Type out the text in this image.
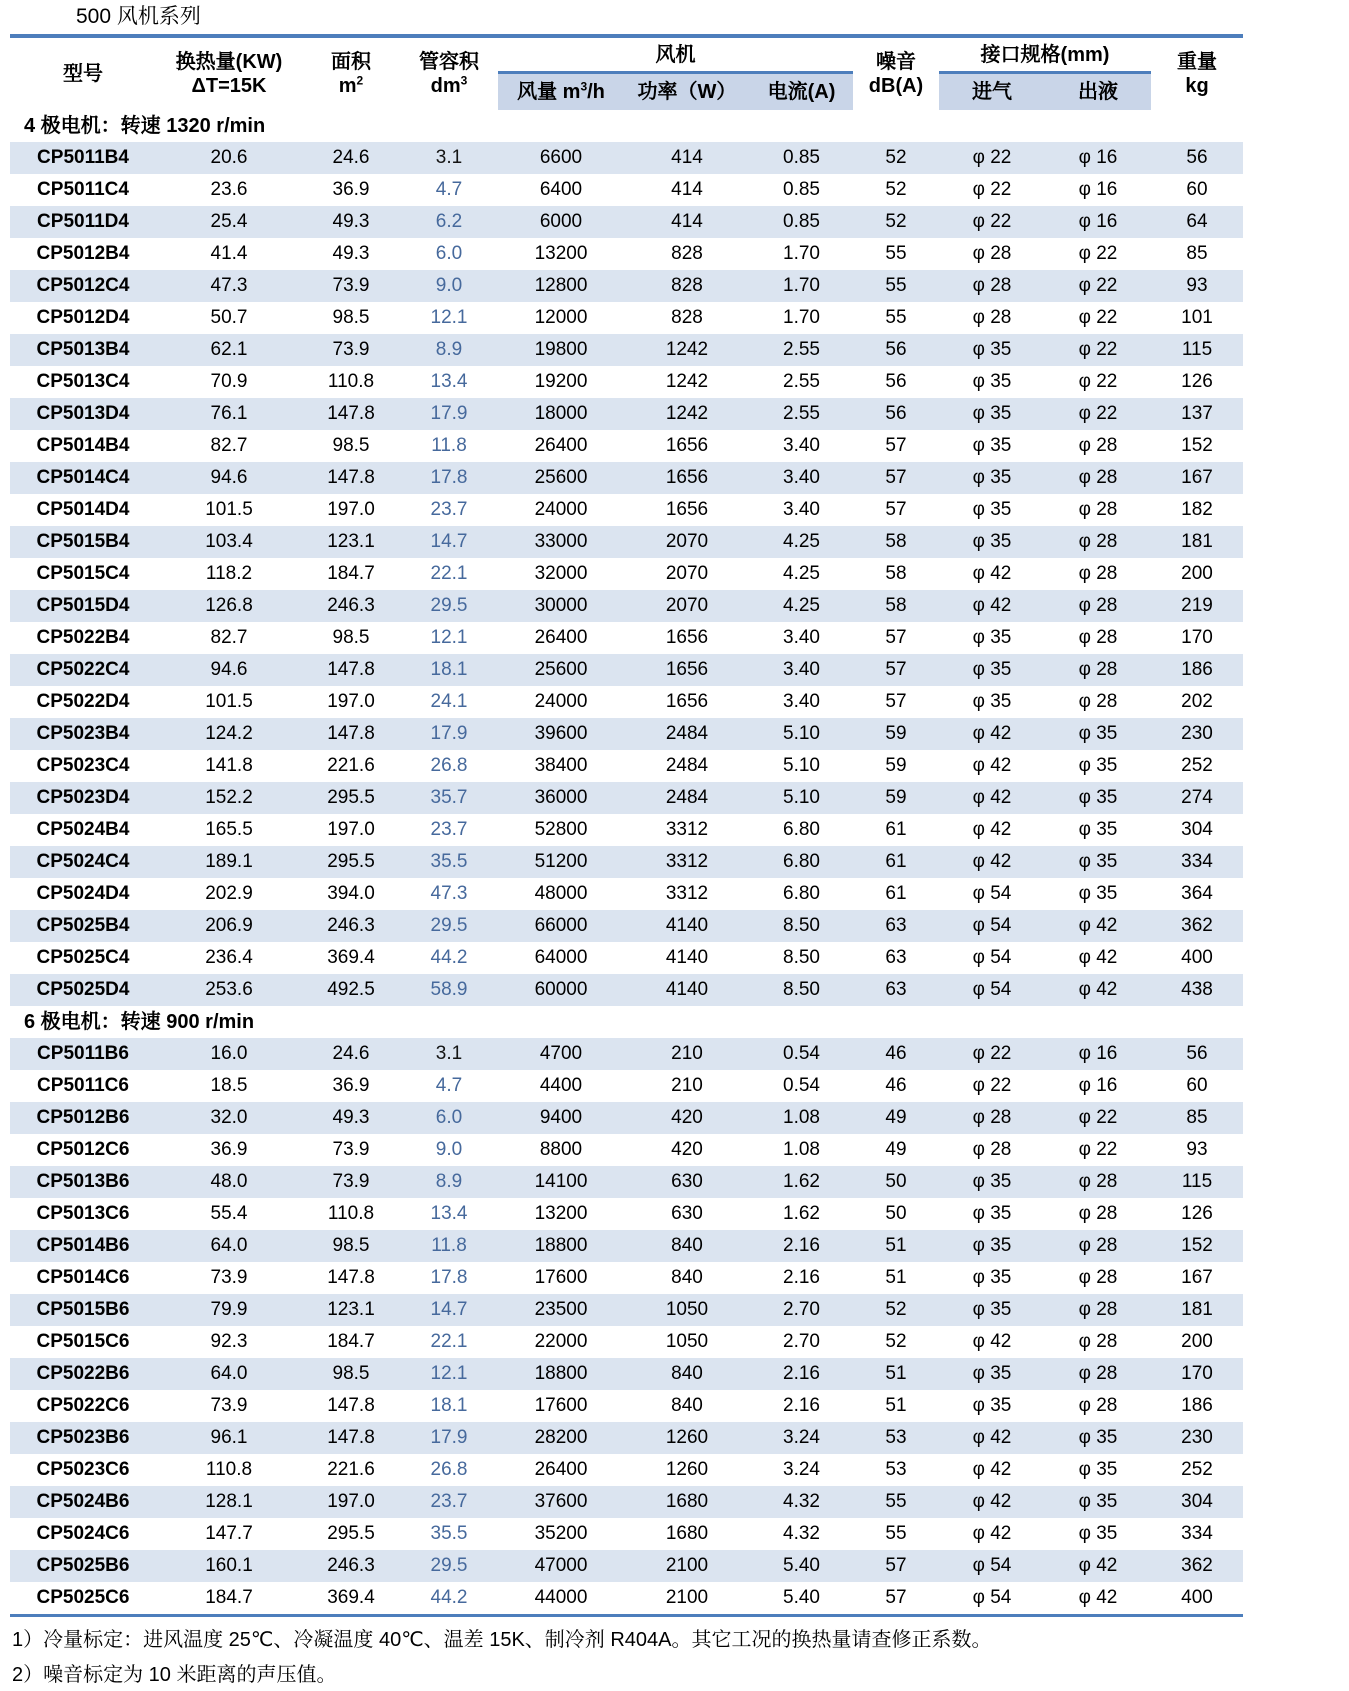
500 风机系列
型号
换热量(KW)
ΔT=15K
面积
$m^2$
管容积
$dm^3$
风机
风量 $m^3/h$	功率（W）	电流(A)
噪音
dB(A)
接口规格(mm)
进气	出液
重量
kg
4 极电机：转速 1320 r/min
CP5011B4	20.6	24.6	3.1	6600	414	0.85	52	φ 22	φ 16	56
CP5011C4	23.6	36.9	4.7	6400	414	0.85	52	φ 22	φ 16	60
CP5011D4	25.4	49.3	6.2	6000	414	0.85	52	φ 22	φ 16	64
CP5012B4	41.4	49.3	6.0	13200	828	1.70	55	φ 28	φ 22	85
CP5012C4	47.3	73.9	9.0	12800	828	1.70	55	φ 28	φ 22	93
CP5012D4	50.7	98.5	12.1	12000	828	1.70	55	φ 28	φ 22	101
CP5013B4	62.1	73.9	8.9	19800	1242	2.55	56	φ 35	φ 22	115
CP5013C4	70.9	110.8	13.4	19200	1242	2.55	56	φ 35	φ 22	126
CP5013D4	76.1	147.8	17.9	18000	1242	2.55	56	φ 35	φ 22	137
CP5014B4	82.7	98.5	11.8	26400	1656	3.40	57	φ 35	φ 28	152
CP5014C4	94.6	147.8	17.8	25600	1656	3.40	57	φ 35	φ 28	167
CP5014D4	101.5	197.0	23.7	24000	1656	3.40	57	φ 35	φ 28	182
CP5015B4	103.4	123.1	14.7	33000	2070	4.25	58	φ 35	φ 28	181
CP5015C4	118.2	184.7	22.1	32000	2070	4.25	58	φ 42	φ 28	200
CP5015D4	126.8	246.3	29.5	30000	2070	4.25	58	φ 42	φ 28	219
CP5022B4	82.7	98.5	12.1	26400	1656	3.40	57	φ 35	φ 28	170
CP5022C4	94.6	147.8	18.1	25600	1656	3.40	57	φ 35	φ 28	186
CP5022D4	101.5	197.0	24.1	24000	1656	3.40	57	φ 35	φ 28	202
CP5023B4	124.2	147.8	17.9	39600	2484	5.10	59	φ 42	φ 35	230
CP5023C4	141.8	221.6	26.8	38400	2484	5.10	59	φ 42	φ 35	252
CP5023D4	152.2	295.5	35.7	36000	2484	5.10	59	φ 42	φ 35	274
CP5024B4	165.5	197.0	23.7	52800	3312	6.80	61	φ 42	φ 35	304
CP5024C4	189.1	295.5	35.5	51200	3312	6.80	61	φ 42	φ 35	334
CP5024D4	202.9	394.0	47.3	48000	3312	6.80	61	φ 54	φ 35	364
CP5025B4	206.9	246.3	29.5	66000	4140	8.50	63	φ 54	φ 42	362
CP5025C4	236.4	369.4	44.2	64000	4140	8.50	63	φ 54	φ 42	400
CP5025D4	253.6	492.5	58.9	60000	4140	8.50	63	φ 54	φ 42	438
6 极电机：转速 900 r/min
CP5011B6	16.0	24.6	3.1	4700	210	0.54	46	φ 22	φ 16	56
CP5011C6	18.5	36.9	4.7	4400	210	0.54	46	φ 22	φ 16	60
CP5012B6	32.0	49.3	6.0	9400	420	1.08	49	φ 28	φ 22	85
CP5012C6	36.9	73.9	9.0	8800	420	1.08	49	φ 28	φ 22	93
CP5013B6	48.0	73.9	8.9	14100	630	1.62	50	φ 35	φ 28	115
CP5013C6	55.4	110.8	13.4	13200	630	1.62	50	φ 35	φ 28	126
CP5014B6	64.0	98.5	11.8	18800	840	2.16	51	φ 35	φ 28	152
CP5014C6	73.9	147.8	17.8	17600	840	2.16	51	φ 35	φ 28	167
CP5015B6	79.9	123.1	14.7	23500	1050	2.70	52	φ 35	φ 28	181
CP5015C6	92.3	184.7	22.1	22000	1050	2.70	52	φ 42	φ 28	200
CP5022B6	64.0	98.5	12.1	18800	840	2.16	51	φ 35	φ 28	170
CP5022C6	73.9	147.8	18.1	17600	840	2.16	51	φ 35	φ 28	186
CP5023B6	96.1	147.8	17.9	28200	1260	3.24	53	φ 42	φ 35	230
CP5023C6	110.8	221.6	26.8	26400	1260	3.24	53	φ 42	φ 35	252
CP5024B6	128.1	197.0	23.7	37600	1680	4.32	55	φ 42	φ 35	304
CP5024C6	147.7	295.5	35.5	35200	1680	4.32	55	φ 42	φ 35	334
CP5025B6	160.1	246.3	29.5	47000	2100	5.40	57	φ 54	φ 42	362
CP5025C6	184.7	369.4	44.2	44000	2100	5.40	57	φ 54	φ 42	400
1）冷量标定：进风温度 25℃、冷凝温度 40℃、温差 15K、制冷剂 R404A。其它工况的换热量请查修正系数。
2）噪音标定为 10 米距离的声压值。
